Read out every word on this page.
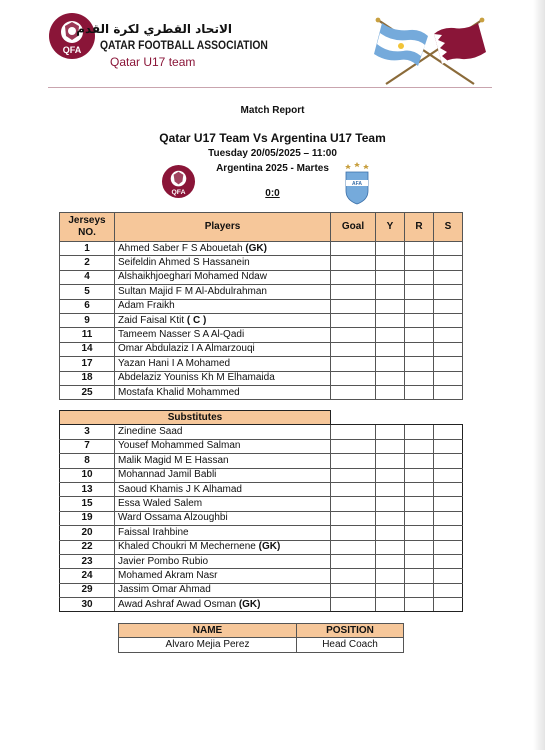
QFA
الاتحاد القطري لكرة القدم
QATAR FOOTBALL ASSOCIATION
Qatar U17 team
Match Report
Qatar U17 Team Vs Argentina U17 Team
Tuesday 20/05/2025 – 11:00
Argentina 2025 - Martes
0:0
QFA
AFA
Jerseys
NO.	Players	Goal	Y	R	S
1	Ahmed Saber F S Abouetah (GK)				
2	Seifeldin Ahmed S Hassanein				
4	Alshaikhjoeghari Mohamed Ndaw				
5	Sultan Majid F M Al-Abdulrahman				
6	Adam Fraikh				
9	Zaid Faisal Ktit ( C )				
11	Tameem Nasser S A Al-Qadi				
14	Omar Abdulaziz I A Almarzouqi				
17	Yazan Hani I A Mohamed				
18	Abdelaziz Youniss Kh M Elhamaida				
25	Mostafa Khalid Mohammed				
Substitutes					
3	Zinedine Saad				
7	Yousef Mohammed Salman				
8	Malik Magid M E Hassan				
10	Mohannad Jamil Babli				
13	Saoud Khamis J K Alhamad				
15	Essa Waled Salem				
19	Ward Ossama Alzoughbi				
20	Faissal Irahbine				
22	Khaled Choukri M Mechernene (GK)				
23	Javier Pombo Rubio				
24	Mohamed Akram Nasr				
29	Jassim Omar Ahmad				
30	Awad Ashraf Awad Osman (GK)				
NAME	POSITION
Alvaro Mejia Perez	Head Coach
